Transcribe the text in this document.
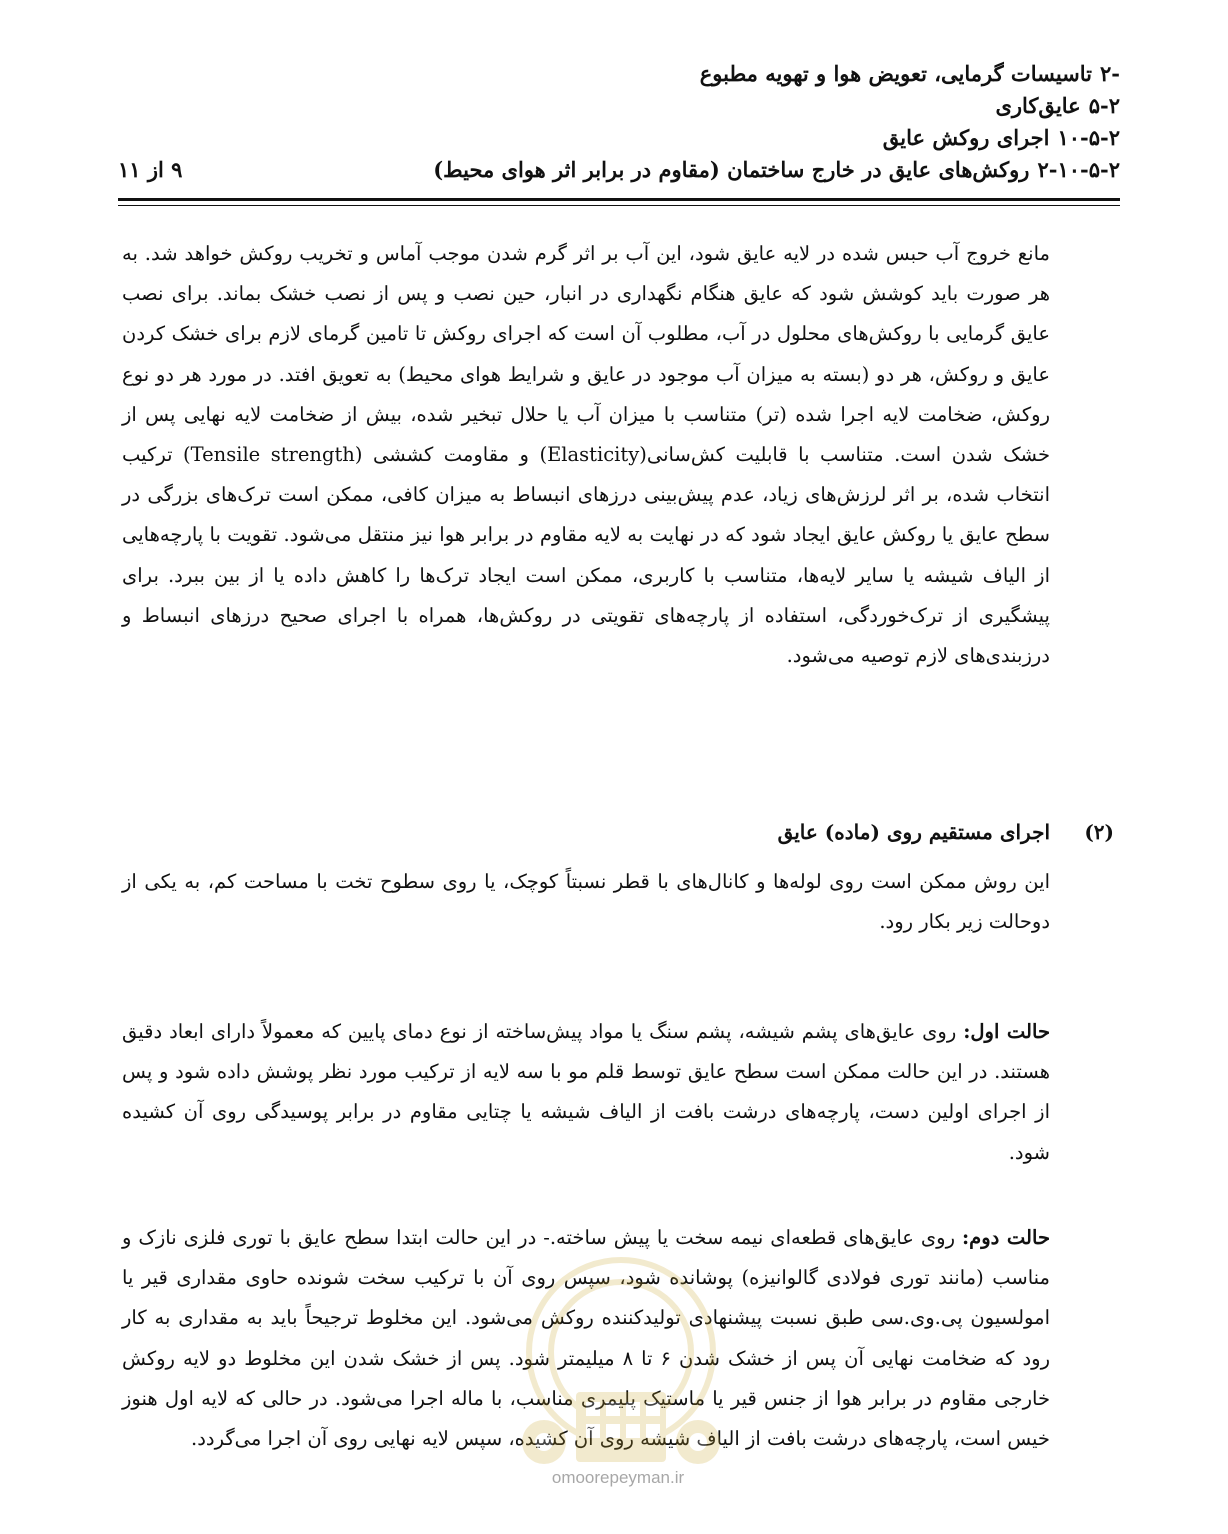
۲-تاسیسات گرمایی، تعویض هوا و تهویه مطبوع
۵-۲عایق‌کاری
۱۰-۵-۲اجرای روکش عایق
۲-۱۰-۵-۲روکش‌های عایق در خارج ساختمان (مقاوم در برابر اثر هوای محیط)
۹ از ۱۱
مانع خروج آب حبس شده در لایه عایق شود، این آب بر اثر گرم شدن موجب آماس و تخریب روکش خواهد شد. به هر صورت باید کوشش شود که عایق هنگام نگهداری در انبار، حین نصب و پس از نصب خشک بماند. برای نصب عایق گرمایی با روکش‌های محلول در آب، مطلوب آن است که اجرای روکش تا تامین گرمای لازم برای خشک کردن عایق و روکش، هر دو (بسته به میزان آب موجود در عایق و شرایط هوای محیط) به تعویق افتد. در مورد هر دو نوع روکش، ضخامت لایه اجرا شده (تر) متناسب با میزان آب یا حلال تبخیر شده، بیش از ضخامت لایه نهایی پس از خشک شدن است. متناسب با قابلیت کش‌سانی(Elasticity) و مقاومت کششی (Tensile strength) ترکیب انتخاب شده، بر اثر لرزش‌های زیاد، عدم پیش‌بینی درزهای انبساط به میزان کافی، ممکن است ترک‌های بزرگی در سطح عایق یا روکش عایق ایجاد شود که در نهایت به لایه مقاوم در برابر هوا نیز منتقل می‌شود. تقویت با پارچه‌هایی از الیاف شیشه یا سایر لایه‌ها، متناسب با کاربری، ممکن است ایجاد ترک‌ها را کاهش داده یا از بین ببرد. برای پیشگیری از ترک‌خوردگی، استفاده از پارچه‌های تقویتی در روکش‌ها، همراه با اجرای صحیح درزهای انبساط و درزبندی‌های لازم توصیه می‌شود.
(۲)اجرای مستقیم روی (ماده) عایق
این روش ممکن است روی لوله‌ها و کانال‌های با قطر نسبتاً کوچک، یا روی سطوح تخت با مساحت کم، به یکی از دوحالت زیر بکار رود.
حالت اول: روی عایق‌های پشم شیشه، پشم سنگ یا مواد پیش‌ساخته از نوع دمای پایین که معمولاً دارای ابعاد دقیق هستند. در این حالت ممکن است سطح عایق توسط قلم مو با سه لایه از ترکیب مورد نظر پوشش داده شود و پس از اجرای اولین دست، پارچه‌های درشت بافت از الیاف شیشه یا چتایی مقاوم در برابر پوسیدگی روی آن کشیده شود.
حالت دوم: روی عایق‌های قطعه‌ای نیمه سخت یا پیش ساخته.- در این حالت ابتدا سطح عایق با توری فلزی نازک و مناسب (مانند توری فولادی گالوانیزه) پوشانده شود، سپس روی آن با ترکیب سخت شونده حاوی مقداری قیر یا امولسیون پی.وی.سی طبق نسبت پیشنهادی تولیدکننده روکش می‌شود. این مخلوط ترجیحاً باید به مقداری به کار رود که ضخامت نهایی آن پس از خشک شدن ۶ تا ۸ میلیمتر شود. پس از خشک شدن این مخلوط دو لایه روکش خارجی مقاوم در برابر هوا از جنس قیر یا ماستیک پلیمری مناسب، با ماله اجرا می‌شود. در حالی که لایه اول هنوز خیس است، پارچه‌های درشت بافت از الیاف شیشه روی آن کشیده، سپس لایه نهایی روی آن اجرا می‌گردد.
omoorepeyman.ir
